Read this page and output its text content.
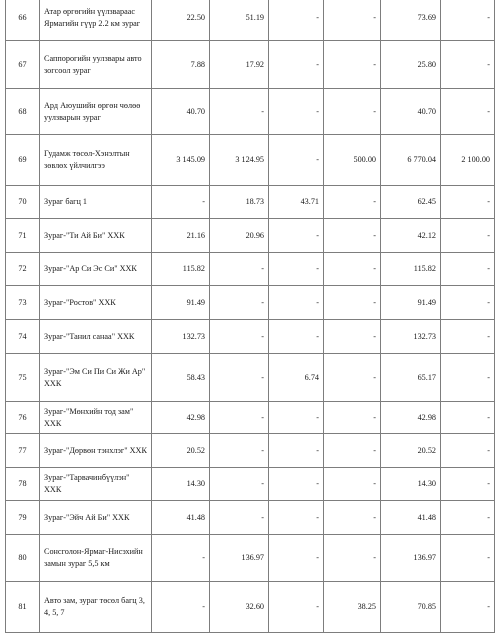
66	Атар өргөгийн үүлзвараас Ярмагийн гүүр 2.2 км зураг	22.50	51.19	-	-	73.69	-
67	Саппорогийн уулзвары авто зогсоол зураг	7.88	17.92	-	-	25.80	-
68	Ард Аюушийн өргөн чөлөө уулзварын зураг	40.70	-	-	-	40.70	-
69	Гудамж төсөл-Хэнэлтын зөвлөх үйлчилгээ	3 145.09	3 124.95	-	500.00	6 770.04	2 100.00
70	Зураг багц 1	-	18.73	43.71	-	62.45	-
71	Зураг-"Ти Ай Би" ХХК	21.16	20.96	-	-	42.12	-
72	Зураг-"Ар Си Эс Си" ХХК	115.82	-	-	-	115.82	-
73	Зураг-"Ростов" ХХК	91.49	-	-	-	91.49	-
74	Зураг-"Танил санаа" ХХК	132.73	-	-	-	132.73	-
75	Зураг-"Эм Си Пи Си Жи Ар" ХХК	58.43	-	6.74	-	65.17	-
76	Зураг-"Мөнхийн тод зам" ХХК	42.98	-	-	-	42.98	-
77	Зураг-"Дөрвөн тэнхлэг" ХХК	20.52	-	-	-	20.52	-
78	Зураг-"Тарвачинбүүлэн" ХХК	14.30	-	-	-	14.30	-
79	Зураг-"Эйч Ай Би" ХХК	41.48	-	-	-	41.48	-
80	Сонсголон-Ярмаг-Нисэхийн замын зураг 5,5 км	-	136.97	-	-	136.97	-
81	Авто зам, зураг төсөл багц 3, 4, 5, 7	-	32.60	-	38.25	70.85	-
